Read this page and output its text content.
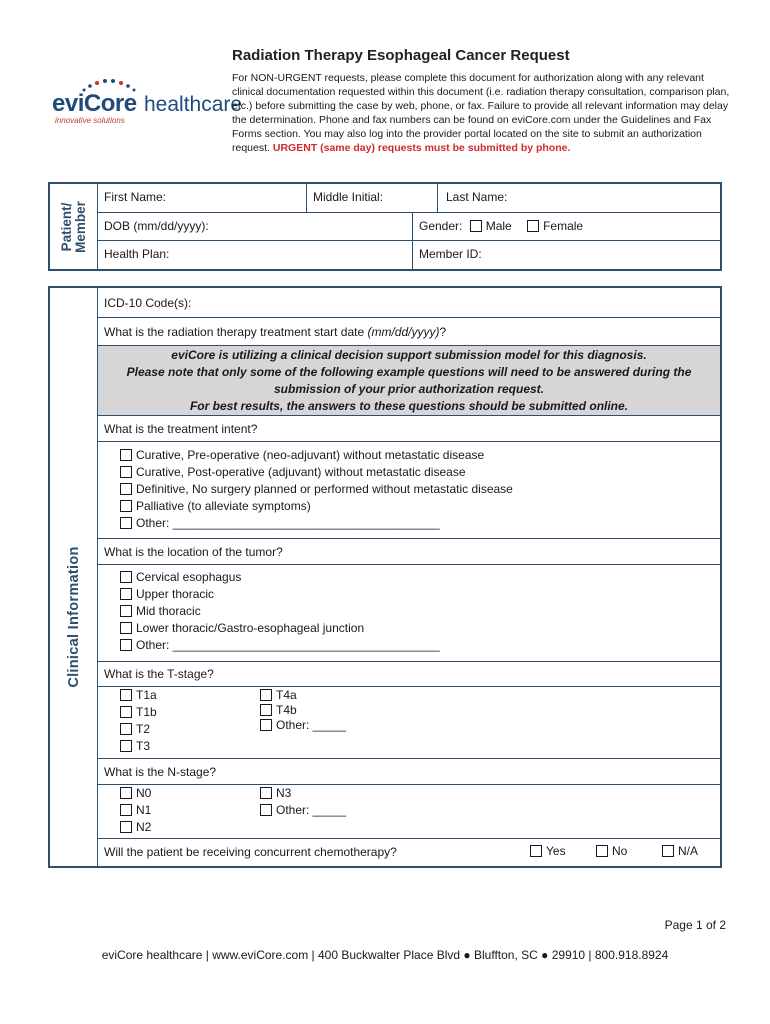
eviCore healthcare
innovative solutions
Radiation Therapy Esophageal Cancer Request
For NON-URGENT requests, please complete this document for authorization along with any relevant clinical documentation requested within this document (i.e. radiation therapy consultation, comparison plan, etc.) before submitting the case by web, phone, or fax. Failure to provide all relevant information may delay the determination. Phone and fax numbers can be found on eviCore.com under the Guidelines and Fax Forms section. You may also log into the provider portal located on the site to submit an authorization request. URGENT (same day) requests must be submitted by phone.
Patient/ Member
First Name:	Middle Initial:	Last Name:
DOB (mm/dd/yyyy):	Gender: Male	Female
Health Plan:	Member ID:
Clinical Information
ICD-10 Code(s):
What is the radiation therapy treatment start date (mm/dd/yyyy)?
eviCore is utilizing a clinical decision support submission model for this diagnosis.
Please note that only some of the following example questions will need to be answered during the
submission of your prior authorization request.
For best results, the answers to these questions should be submitted online.
What is the treatment intent?
Curative, Pre-operative (neo-adjuvant) without metastatic disease
Curative, Post-operative (adjuvant) without metastatic disease
Definitive, No surgery planned or performed without metastatic disease
Palliative (to alleviate symptoms)
Other: ________________________________________
What is the location of the tumor?
Cervical esophagus
Upper thoracic
Mid thoracic
Lower thoracic/Gastro-esophageal junction
Other: ________________________________________
What is the T-stage?
T1a
T1b
T2
T3
T4a
T4b
Other: _____
What is the N-stage?
N0
N1
N2
N3
Other: _____
Will the patient be receiving concurrent chemotherapy?	Yes	No	N/A
Page 1 of 2
eviCore healthcare | www.eviCore.com | 400 Buckwalter Place Blvd ● Bluffton, SC ● 29910 | 800.918.8924
